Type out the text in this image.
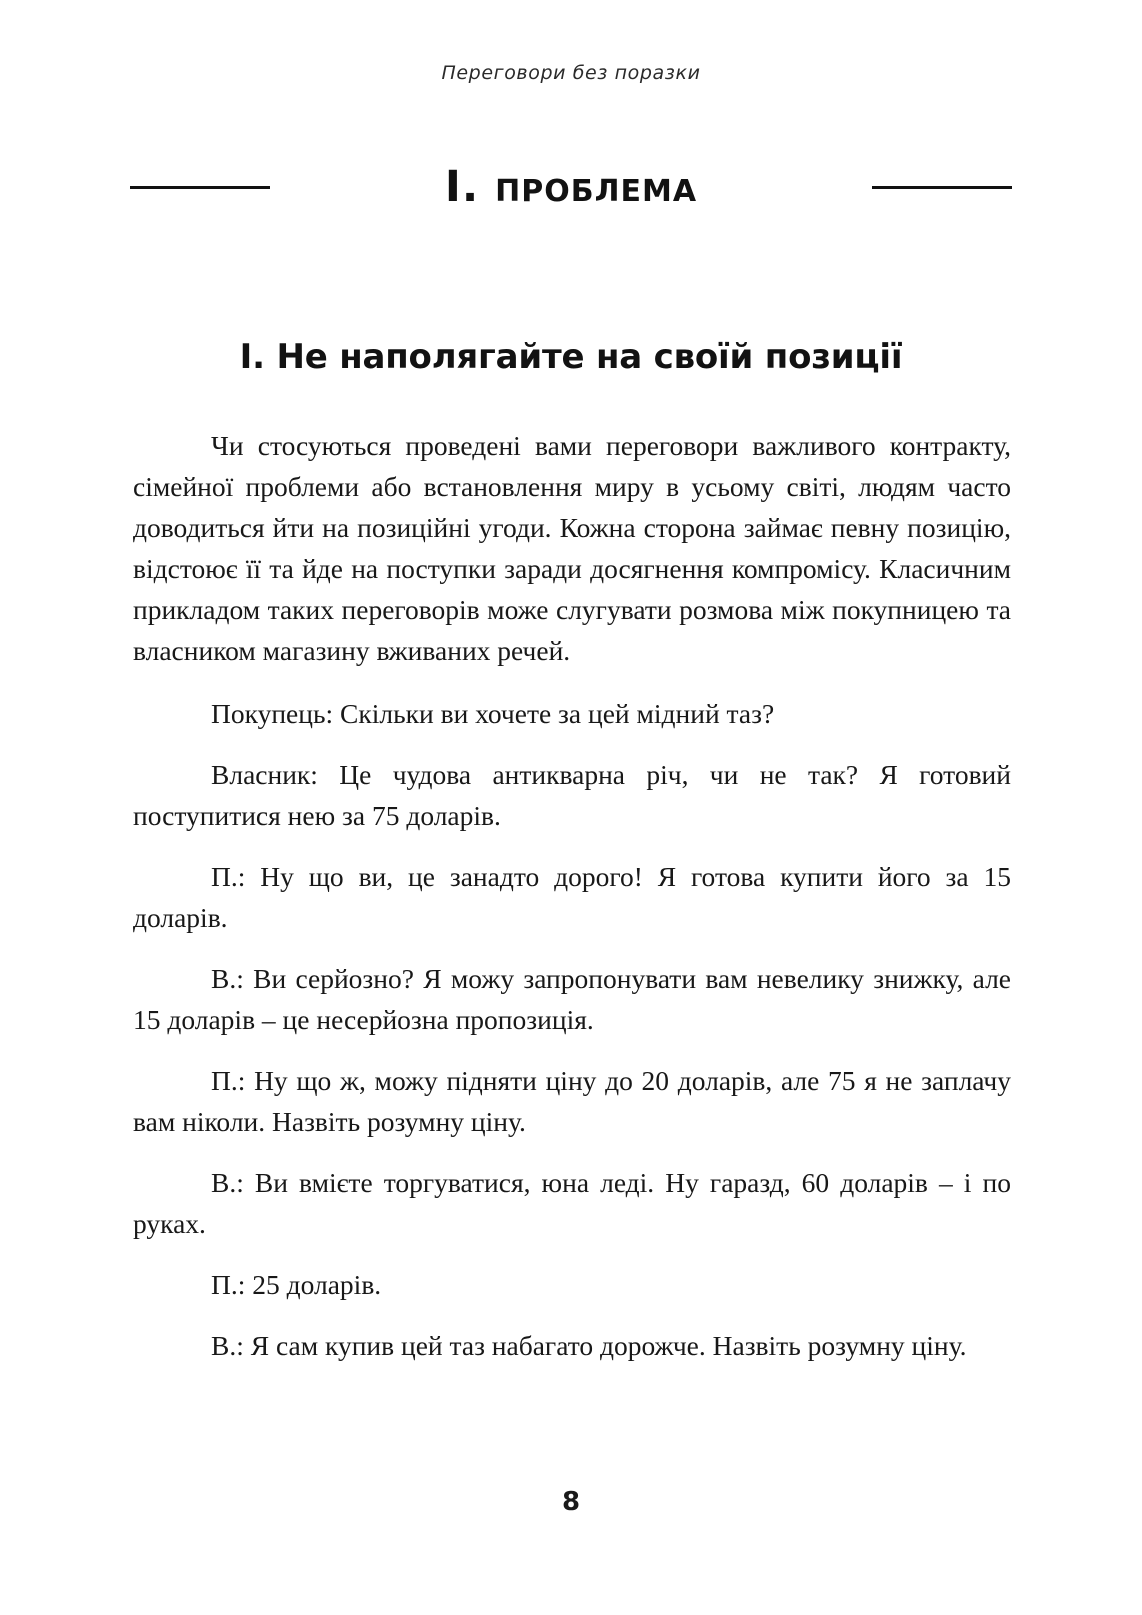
Переговори без поразки
I. проблема
I. Не наполягайте на своїй позиції

Чи стосуються проведені вами переговори важливого контракту, сімейної проблеми або встановлення миру в усьому світі, людям часто доводиться йти на позиційні угоди. Кожна сторона займає певну позицію, відстоює її та йде на поступки заради досягнення компромісу. Класичним прикладом таких переговорів може слугувати розмова між покупницею та власником магазину вживаних речей.

Покупець: Скільки ви хочете за цей мідний таз?

Власник: Це чудова антикварна річ, чи не так? Я готовий поступитися нею за 75 доларів.

П.: Ну що ви, це занадто дорого! Я готова купити його за 15 доларів.

В.: Ви серйозно? Я можу запропонувати вам невелику знижку, але 15 доларів – це несерйозна пропозиція.

П.: Ну що ж, можу підняти ціну до 20 доларів, але 75 я не заплачу вам ніколи. Назвіть розумну ціну.

В.: Ви вмієте торгуватися, юна леді. Ну гаразд, 60 доларів – і по руках.

П.: 25 доларів.

В.: Я сам купив цей таз набагато дорожче. Назвіть розумну ціну.

8
